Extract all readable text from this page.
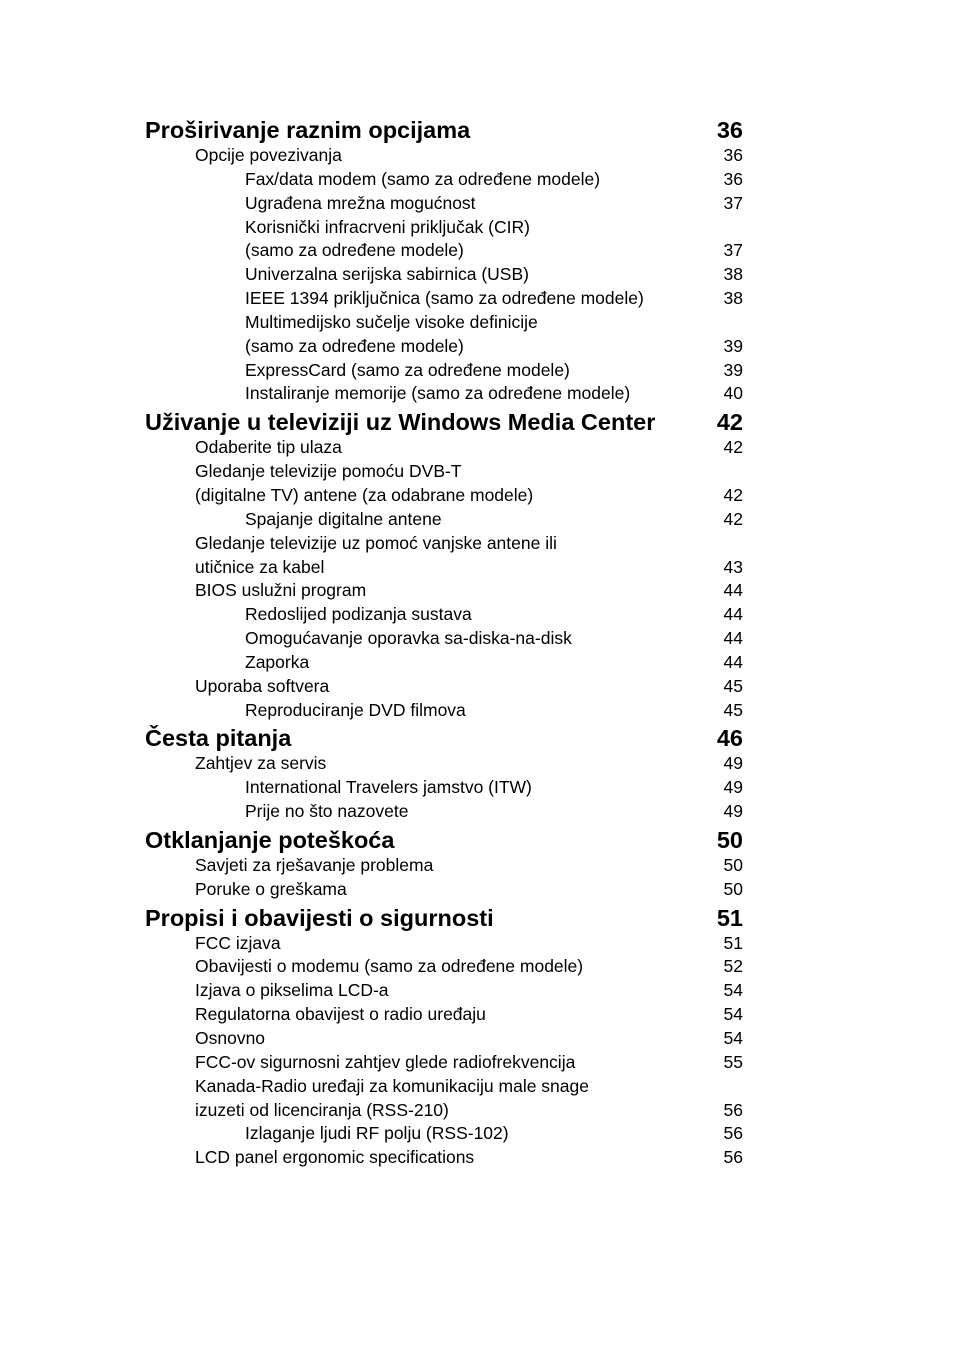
Proširivanje raznim opcijama	36
Opcije povezivanja	36
Fax/data modem (samo za određene modele)	36
Ugrađena mrežna mogućnost	37
Korisnički infracrveni priključak (CIR)
(samo za određene modele)	37
Univerzalna serijska sabirnica (USB)	38
IEEE 1394 priključnica (samo za određene modele)	38
Multimedijsko sučelje visoke definicije
(samo za određene modele)	39
ExpressCard (samo za određene modele)	39
Instaliranje memorije (samo za određene modele)	40
Uživanje u televiziji uz Windows Media Center	42
Odaberite tip ulaza	42
Gledanje televizije pomoću DVB-T
(digitalne TV) antene (za odabrane modele)	42
Spajanje digitalne antene	42
Gledanje televizije uz pomoć vanjske antene ili
utičnice za kabel	43
BIOS uslužni program	44
Redoslijed podizanja sustava	44
Omogućavanje oporavka sa-diska-na-disk	44
Zaporka	44
Uporaba softvera	45
Reproduciranje DVD filmova	45
Česta pitanja	46
Zahtjev za servis	49
International Travelers jamstvo (ITW)	49
Prije no što nazovete	49
Otklanjanje poteškoća	50
Savjeti za rješavanje problema	50
Poruke o greškama	50
Propisi i obavijesti o sigurnosti	51
FCC izjava	51
Obavijesti o modemu (samo za određene modele)	52
Izjava o pikselima LCD-a	54
Regulatorna obavijest o radio uređaju	54
Osnovno	54
FCC-ov sigurnosni zahtjev glede radiofrekvencija	55
Kanada-Radio uređaji za komunikaciju male snage
izuzeti od licenciranja (RSS-210)	56
Izlaganje ljudi RF polju (RSS-102)	56
LCD panel ergonomic specifications	56
